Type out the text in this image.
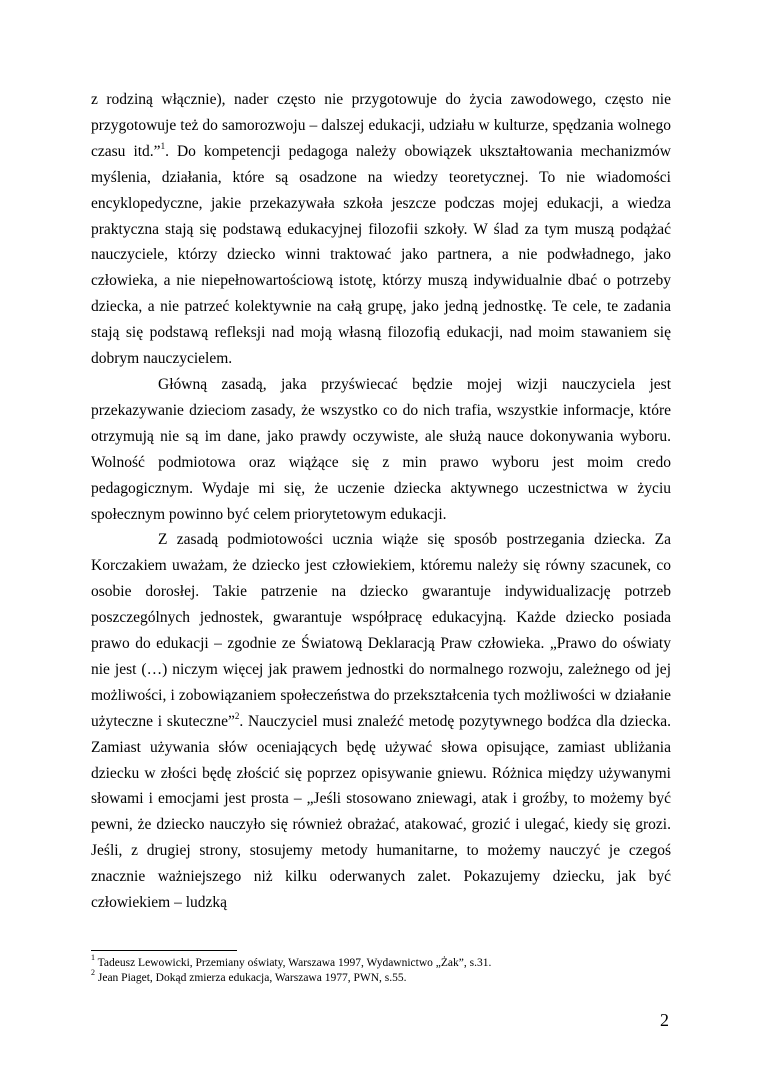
z rodziną włącznie), nader często nie przygotowuje do życia zawodowego, często nie przygotowuje też do samorozwoju – dalszej edukacji, udziału w kulturze, spędzania wolnego czasu itd.”$^1$. Do kompetencji pedagoga należy obowiązek ukształtowania mechanizmów myślenia, działania, które są osadzone na wiedzy teoretycznej. To nie wiadomości encyklopedyczne, jakie przekazywała szkoła jeszcze podczas mojej edukacji, a wiedza praktyczna stają się podstawą edukacyjnej filozofii szkoły. W ślad za tym muszą podążać nauczyciele, którzy dziecko winni traktować jako partnera, a nie podwładnego, jako człowieka, a nie niepełnowartościową istotę, którzy muszą indywidualnie dbać o potrzeby dziecka, a nie patrzeć kolektywnie na całą grupę, jako jedną jednostkę. Te cele, te zadania stają się podstawą refleksji nad moją własną filozofią edukacji, nad moim stawaniem się dobrym nauczycielem.

Główną zasadą, jaka przyświecać będzie mojej wizji nauczyciela jest przekazywanie dzieciom zasady, że wszystko co do nich trafia, wszystkie informacje, które otrzymują nie są im dane, jako prawdy oczywiste, ale służą nauce dokonywania wyboru. Wolność podmiotowa oraz wiążące się z min prawo wyboru jest moim credo pedagogicznym. Wydaje mi się, że uczenie dziecka aktywnego uczestnictwa w życiu społecznym powinno być celem priorytetowym edukacji.

Z zasadą podmiotowości ucznia wiąże się sposób postrzegania dziecka. Za Korczakiem uważam, że dziecko jest człowiekiem, któremu należy się równy szacunek, co osobie dorosłej. Takie patrzenie na dziecko gwarantuje indywidualizację potrzeb poszczególnych jednostek, gwarantuje współpracę edukacyjną. Każde dziecko posiada prawo do edukacji – zgodnie ze Światową Deklaracją Praw człowieka. „Prawo do oświaty nie jest (…) niczym więcej jak prawem jednostki do normalnego rozwoju, zależnego od jej możliwości, i zobowiązaniem społeczeństwa do przekształcenia tych możliwości w działanie użyteczne i skuteczne”$^2$. Nauczyciel musi znaleźć metodę pozytywnego bodźca dla dziecka. Zamiast używania słów oceniających będę używać słowa opisujące, zamiast ubliżania dziecku w złości będę złościć się poprzez opisywanie gniewu. Różnica między używanymi słowami i emocjami jest prosta – „Jeśli stosowano zniewagi, atak i groźby, to możemy być pewni, że dziecko nauczyło się również obrażać, atakować, grozić i ulegać, kiedy się grozi. Jeśli, z drugiej strony, stosujemy metody humanitarne, to możemy nauczyć je czegoś znacznie ważniejszego niż kilku oderwanych zalet. Pokazujemy dziecku, jak być człowiekiem – ludzką

$^1$ Tadeusz Lewowicki, Przemiany oświaty, Warszawa 1997, Wydawnictwo „Żak”, s.31.
$^2$ Jean Piaget, Dokąd zmierza edukacja, Warszawa 1977, PWN, s.55.
2
